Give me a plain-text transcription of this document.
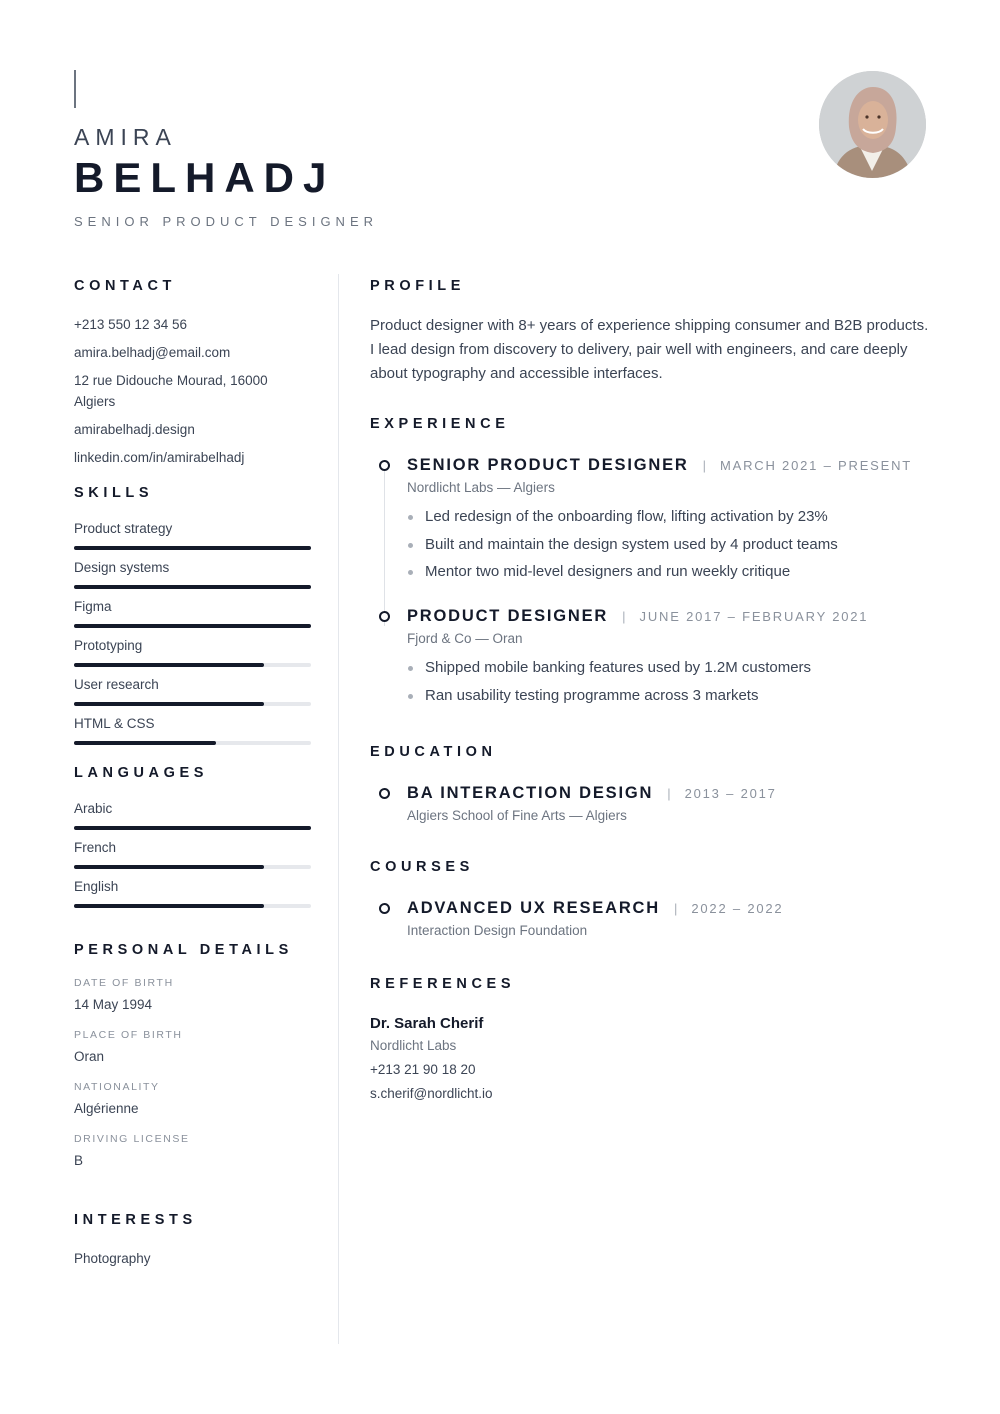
AMIRA
BELHADJ
SENIOR PRODUCT DESIGNER
CONTACT
+213 550 12 34 56
amira.belhadj@email.com
12 rue Didouche Mourad, 16000 Algiers
amirabelhadj.design
linkedin.com/in/amirabelhadj
SKILLS
Product strategy
Design systems
Figma
Prototyping
User research
HTML & CSS
LANGUAGES
Arabic
French
English
PERSONAL DETAILS
DATE OF BIRTH
14 May 1994
PLACE OF BIRTH
Oran
NATIONALITY
Algérienne
DRIVING LICENSE
B
INTERESTS
Photography
PROFILE
Product designer with 8+ years of experience shipping consumer and B2B products. I lead design from discovery to delivery, pair well with engineers, and care deeply about typography and accessible interfaces.
EXPERIENCE
SENIOR PRODUCT DESIGNER | MARCH 2021 – PRESENT
Nordlicht Labs — Algiers
Led redesign of the onboarding flow, lifting activation by 23%
Built and maintain the design system used by 4 product teams
Mentor two mid-level designers and run weekly critique
PRODUCT DESIGNER | JUNE 2017 – FEBRUARY 2021
Fjord & Co — Oran
Shipped mobile banking features used by 1.2M customers
Ran usability testing programme across 3 markets
EDUCATION
BA INTERACTION DESIGN | 2013 – 2017
Algiers School of Fine Arts — Algiers
COURSES
ADVANCED UX RESEARCH | 2022 – 2022
Interaction Design Foundation
REFERENCES
Dr. Sarah Cherif
Nordlicht Labs
+213 21 90 18 20
s.cherif@nordlicht.io
